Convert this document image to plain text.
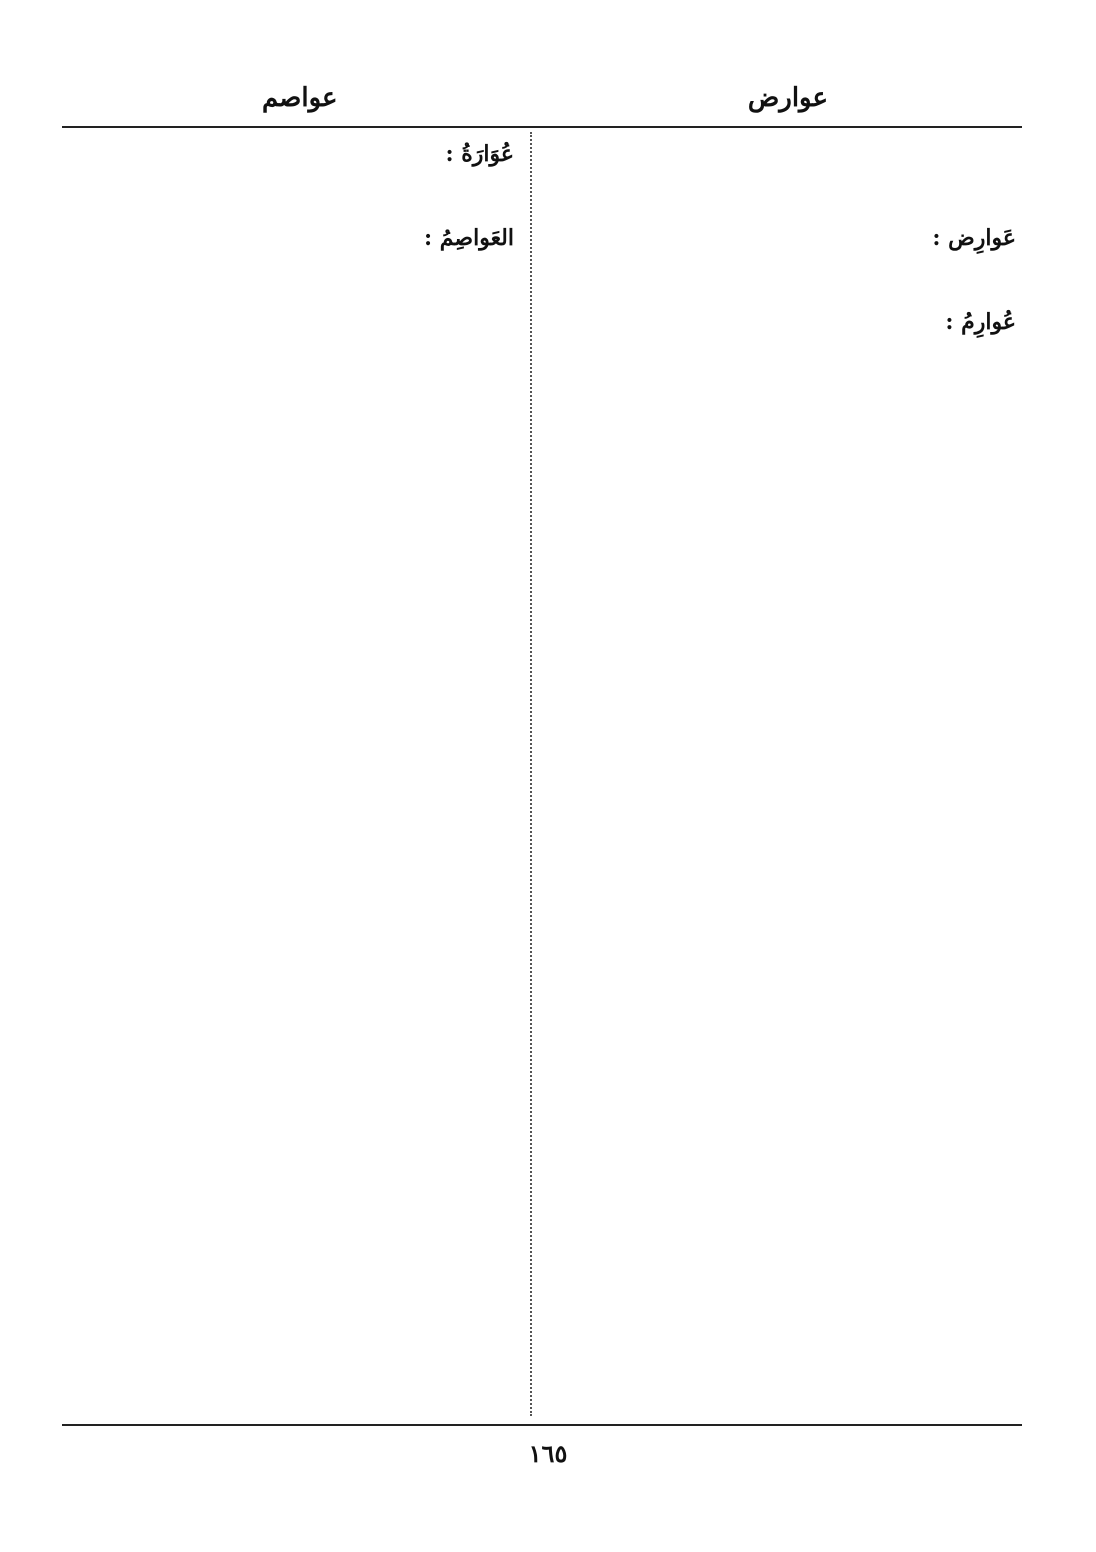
عوارض
عواصم
عَوارِض :
عُوارِمُ :
عُوَارَةُ :
العَواصِمُ :
١٦٥
